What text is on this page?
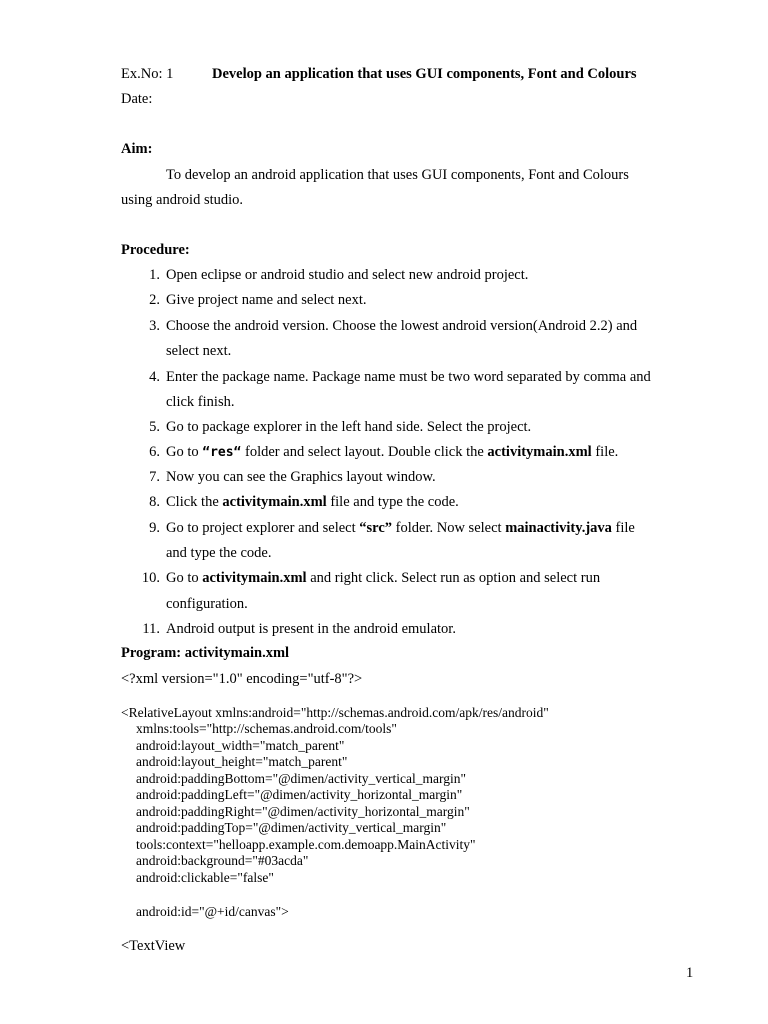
Ex.No: 1	Develop an application that uses GUI components, Font and Colours
Date:
Aim:
To develop an android application that uses GUI components, Font and Colours
using android studio.
Procedure:
1. Open eclipse or android studio and select new android project.
2. Give project name and select next.
3. Choose the android version. Choose the lowest android version(Android 2.2) and
select next.
4. Enter the package name. Package name must be two word separated by comma and
click finish.
5. Go to package explorer in the left hand side. Select the project.
6. Go to “res“ folder and select layout. Double click the activitymain.xml file.
7. Now you can see the Graphics layout window.
8. Click the activitymain.xml file and type the code.
9. Go to project explorer and select “src” folder. Now select mainactivity.java file
and type the code.
10. Go to activitymain.xml and right click. Select run as option and select run
configuration.
11. Android output is present in the android emulator.
Program: activitymain.xml
<?xml version="1.0" encoding="utf-8"?>
<RelativeLayout xmlns:android="http://schemas.android.com/apk/res/android"
xmlns:tools="http://schemas.android.com/tools"
android:layout_width="match_parent"
android:layout_height="match_parent"
android:paddingBottom="@dimen/activity_vertical_margin"
android:paddingLeft="@dimen/activity_horizontal_margin"
android:paddingRight="@dimen/activity_horizontal_margin"
android:paddingTop="@dimen/activity_vertical_margin"
tools:context="helloapp.example.com.demoapp.MainActivity"
android:background="#03acda"
android:clickable="false"
android:id="@+id/canvas">
<TextView
1
